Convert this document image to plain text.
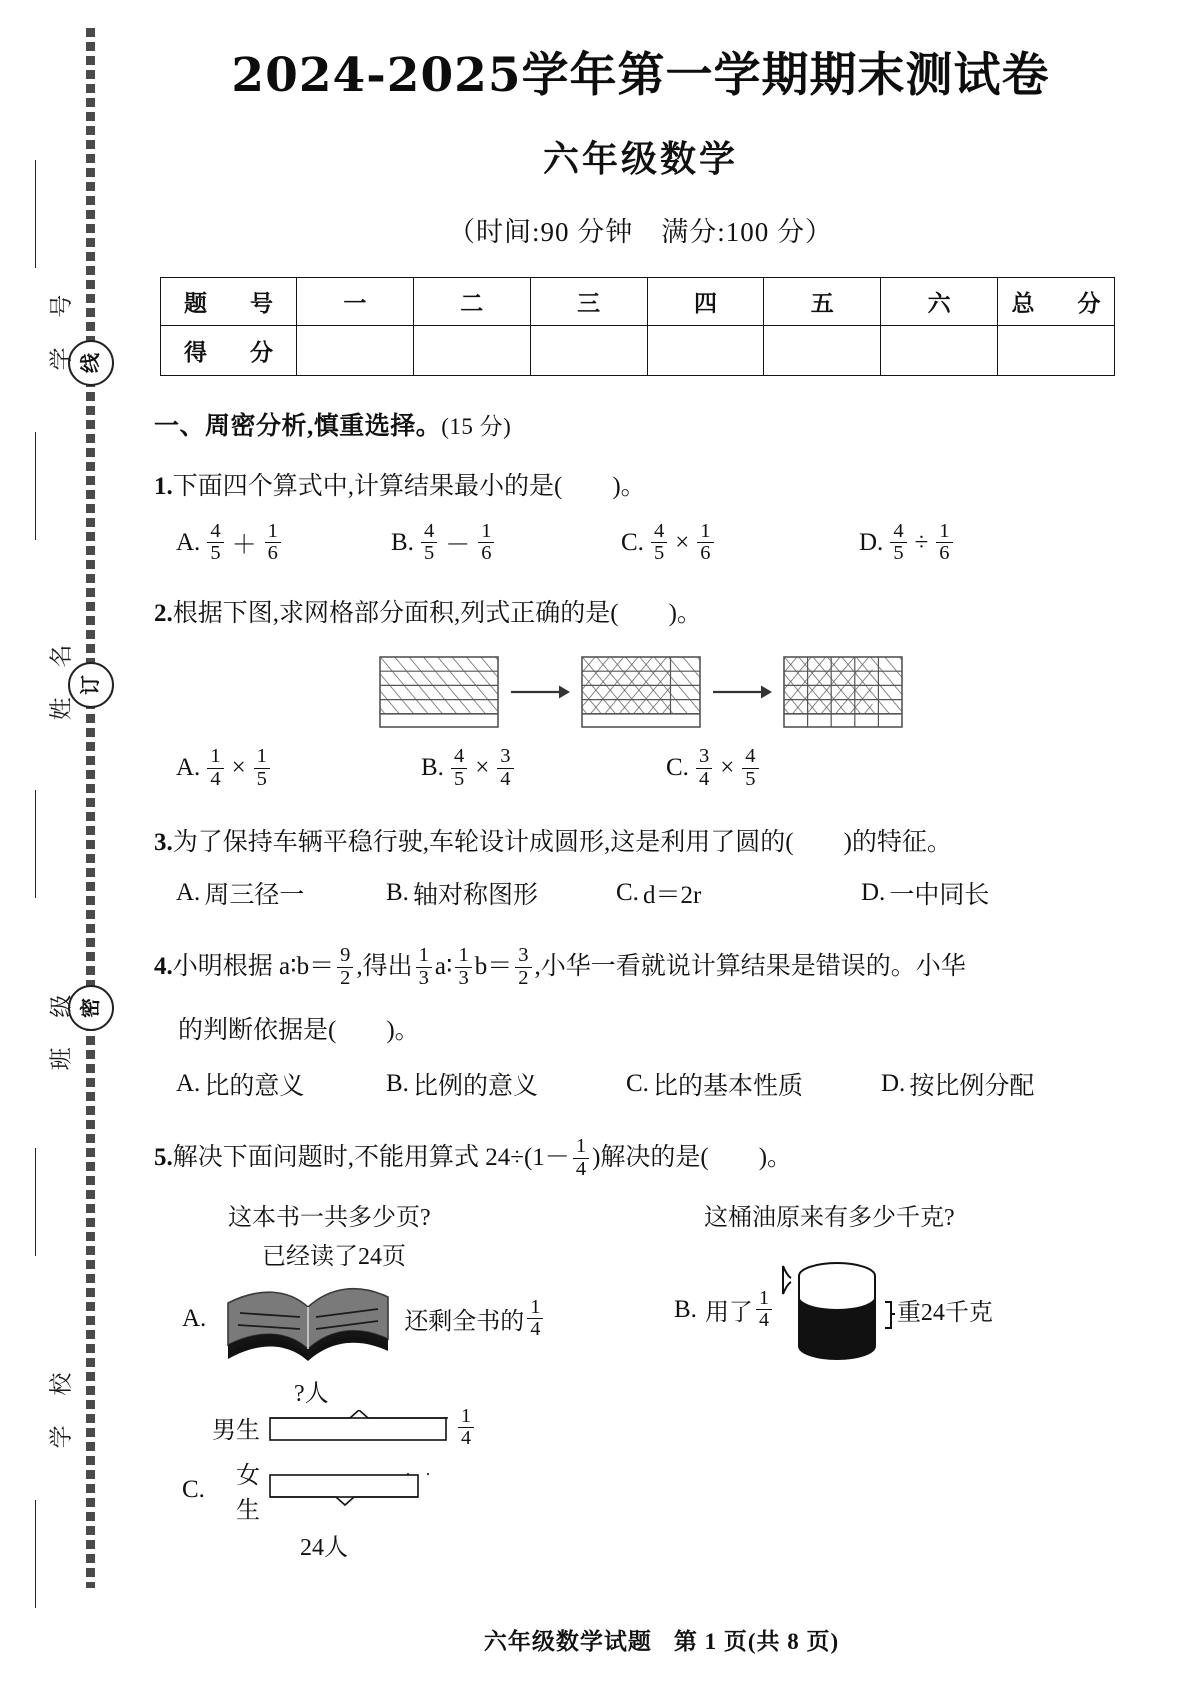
线
订
密
学 号
姓 名
班 级
学 校
2024-2025学年第一学期期末测试卷
六年级数学
（时间:90 分钟　满分:100 分）
题　号	一	二	三	四	五	六	总　分
得　分							
一、周密分析,慎重选择。(15 分)
1.下面四个算式中,计算结果最小的是(　　)。
A. $\frac{4}{5} + \frac{1}{6}$	B. $\frac{4}{5} - \frac{1}{6}$	C. $\frac{4}{5} \times \frac{1}{6}$	D. $\frac{4}{5} \div \frac{1}{6}$
2.根据下图,求网格部分面积,列式正确的是(　　)。
A. $\frac{1}{4} \times \frac{1}{5}$	B. $\frac{4}{5} \times \frac{3}{4}$	C. $\frac{3}{4} \times \frac{4}{5}$
3.为了保持车辆平稳行驶,车轮设计成圆形,这是利用了圆的(　　)的特征。
A. 周三径一	B. 轴对称图形	C. d＝2r	D. 一中同长
4. 小明根据 a∶b＝ $\frac{9}{2}$ ,得出 $\frac{1}{3}$ a∶ $\frac{1}{3} b= \frac{3}{2}$ ,小华一看就说计算结果是错误的。小华
的判断依据是(　　)。
A. 比的意义	B. 比例的意义	C. 比的基本性质	D. 按比例分配
5. 解决下面问题时,不能用算式 $24\div(1- \frac{1}{4}$ )解决的是(　　)。
这本书一共多少页?
已经读了24页
A.	还剩全书的 $\frac{1}{4}$
这桶油原来有多少千克?
B. 用了 $\frac{1}{4}$	重24千克
?人
男生	$\frac{1}{4}$
C.	女生
24人
六年级数学试题 第 1 页(共 8 页)
